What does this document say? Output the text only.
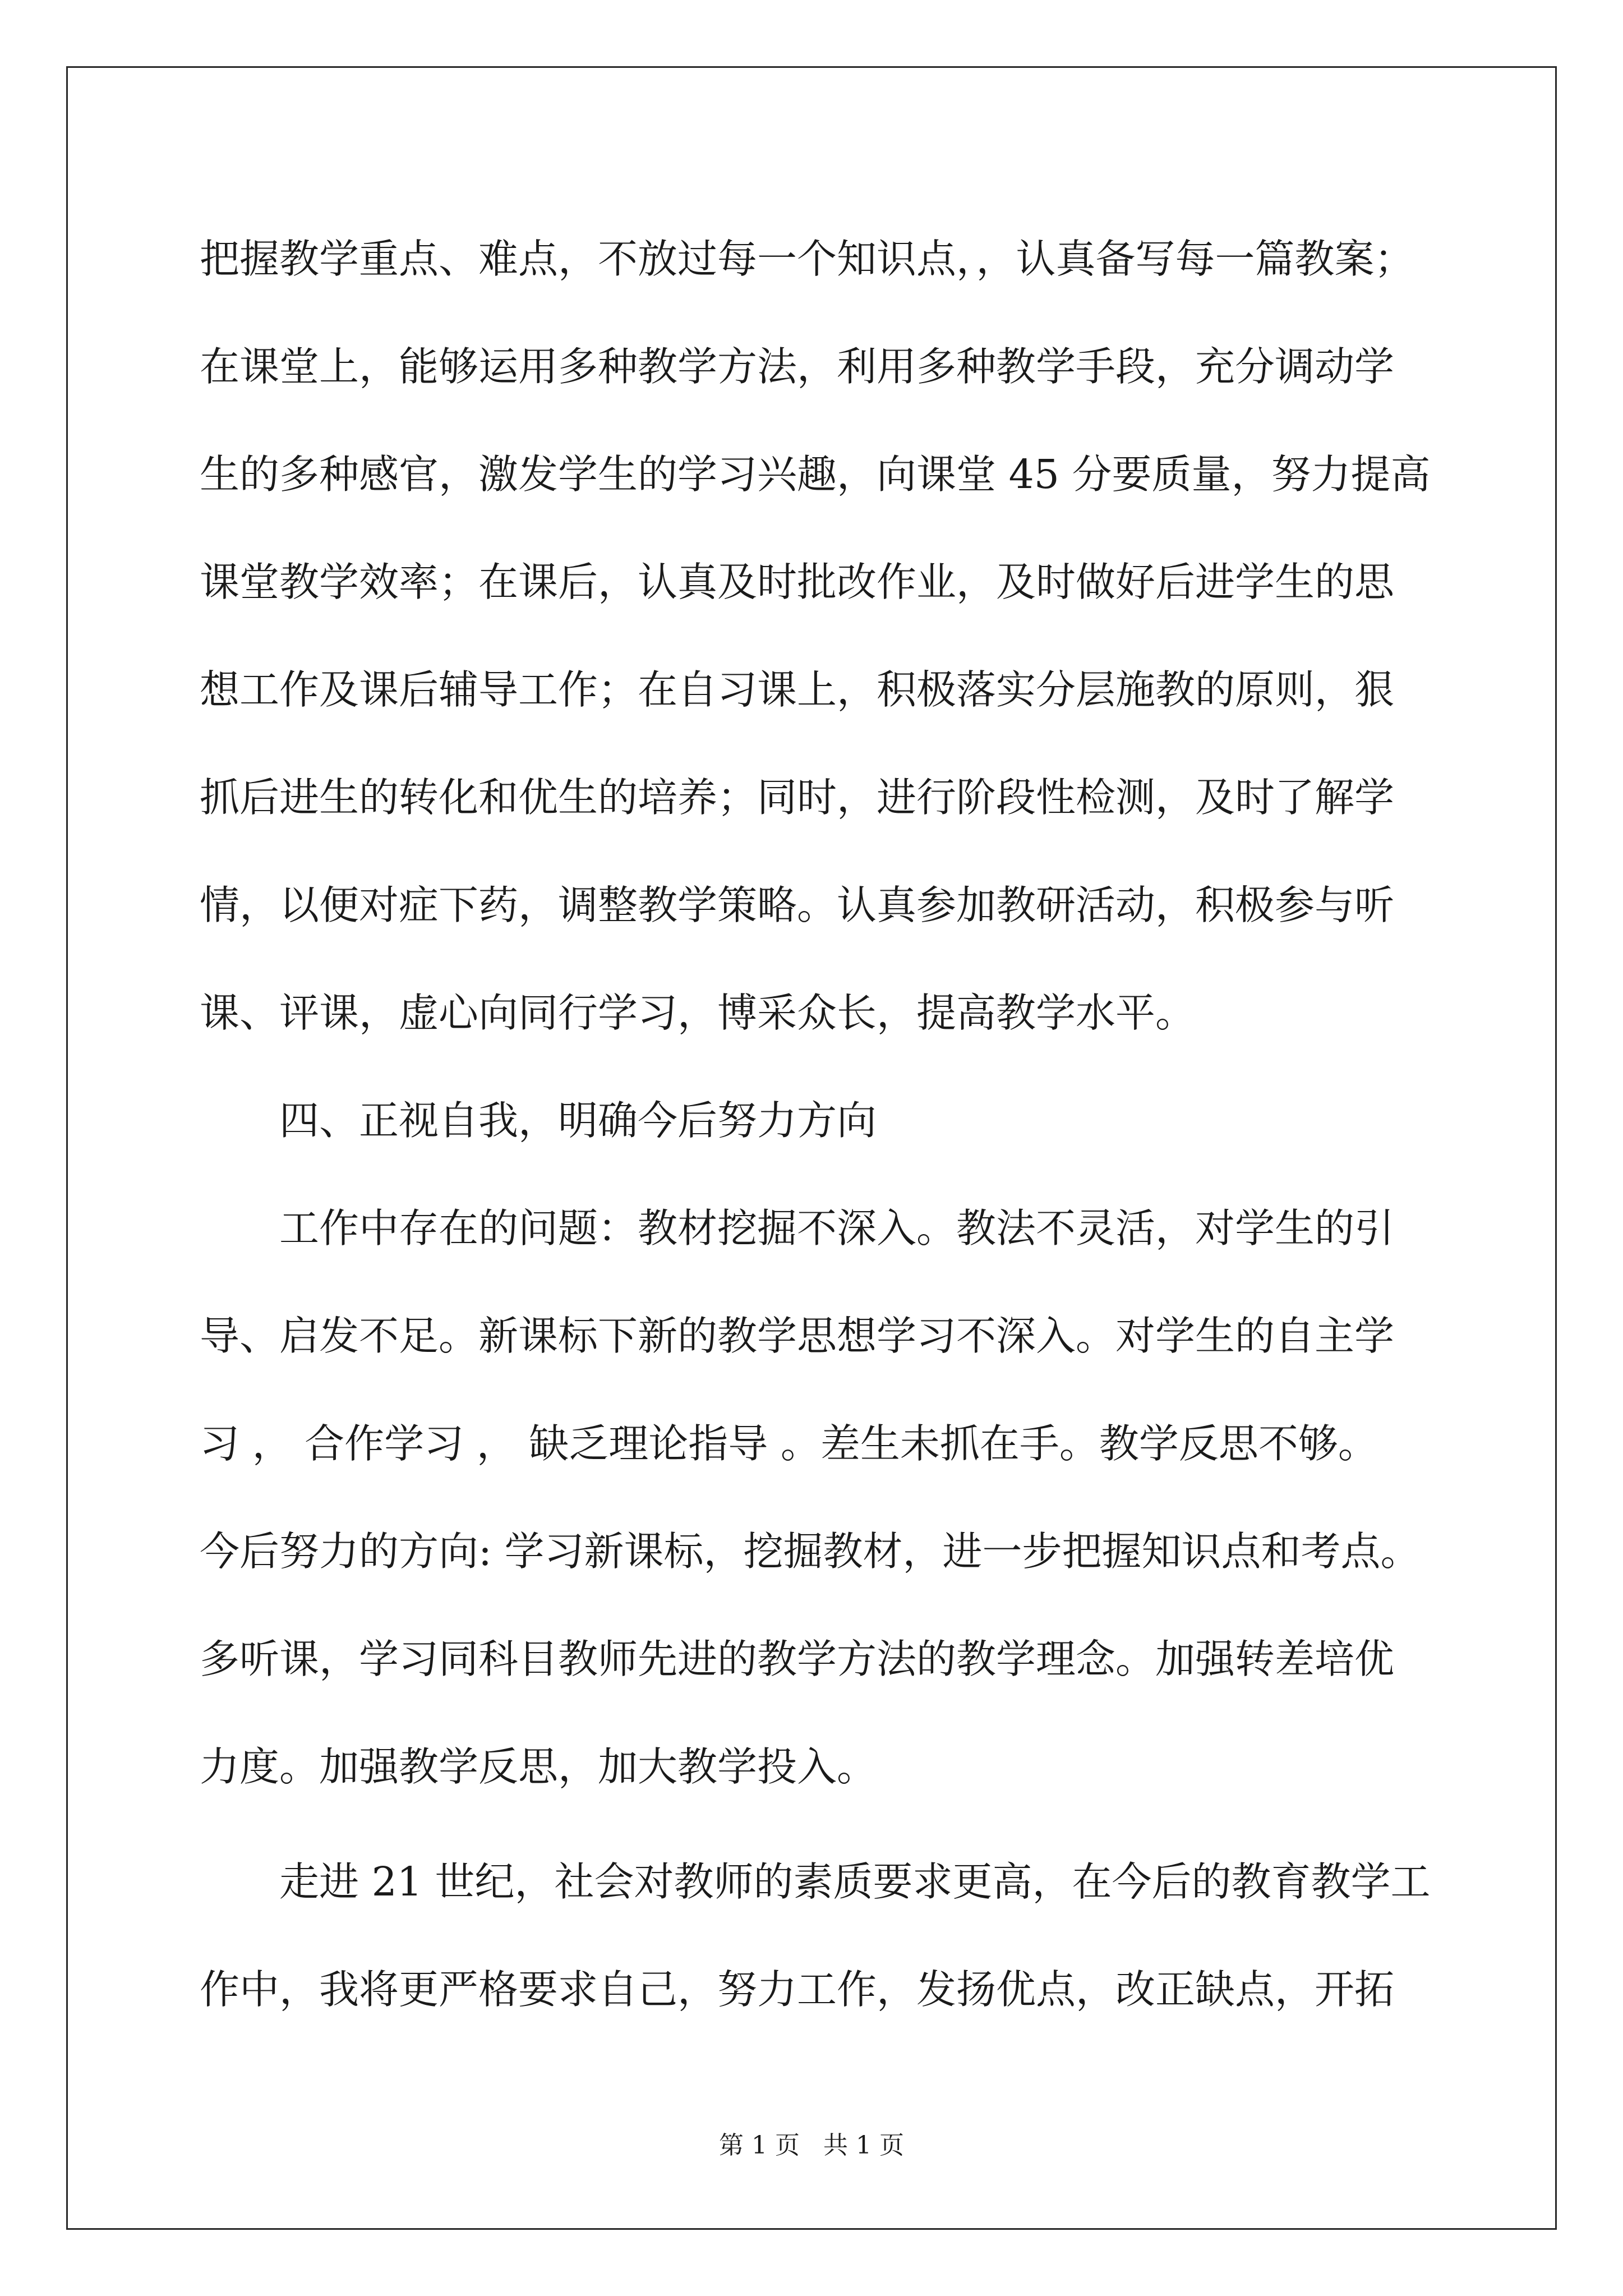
把握教学重点、难点，不放过每一个知识点，，认真备写每一篇教案；
在课堂上，能够运用多种教学方法，利用多种教学手段，充分调动学
生的多种感官，激发学生的学习兴趣，向课堂 45 分要质量，努力提高
课堂教学效率；在课后，认真及时批改作业，及时做好后进学生的思
想工作及课后辅导工作；在自习课上，积极落实分层施教的原则，狠
抓后进生的转化和优生的培养；同时，进行阶段性检测，及时了解学
情，以便对症下药，调整教学策略。认真参加教研活动，积极参与听
课、评课，虚心向同行学习，博采众长，提高教学水平。
四、正视自我，明确今后努力方向
工作中存在的问题：教材挖掘不深入。教法不灵活，对学生的引
导、启发不足。新课标下新的教学思想学习不深入。对学生的自主学
习 ， 合作学习 ， 缺乏理论指导 。差生未抓在手。教学反思不够。
今后努力的方向: 学习新课标，挖掘教材，进一步把握知识点和考点。
多听课，学习同科目教师先进的教学方法的教学理念。加强转差培优
力度。加强教学反思，加大教学投入。
走进 21 世纪，社会对教师的素质要求更高，在今后的教育教学工
作中，我将更严格要求自己，努力工作，发扬优点，改正缺点，开拓
第 1 页 共 1 页
